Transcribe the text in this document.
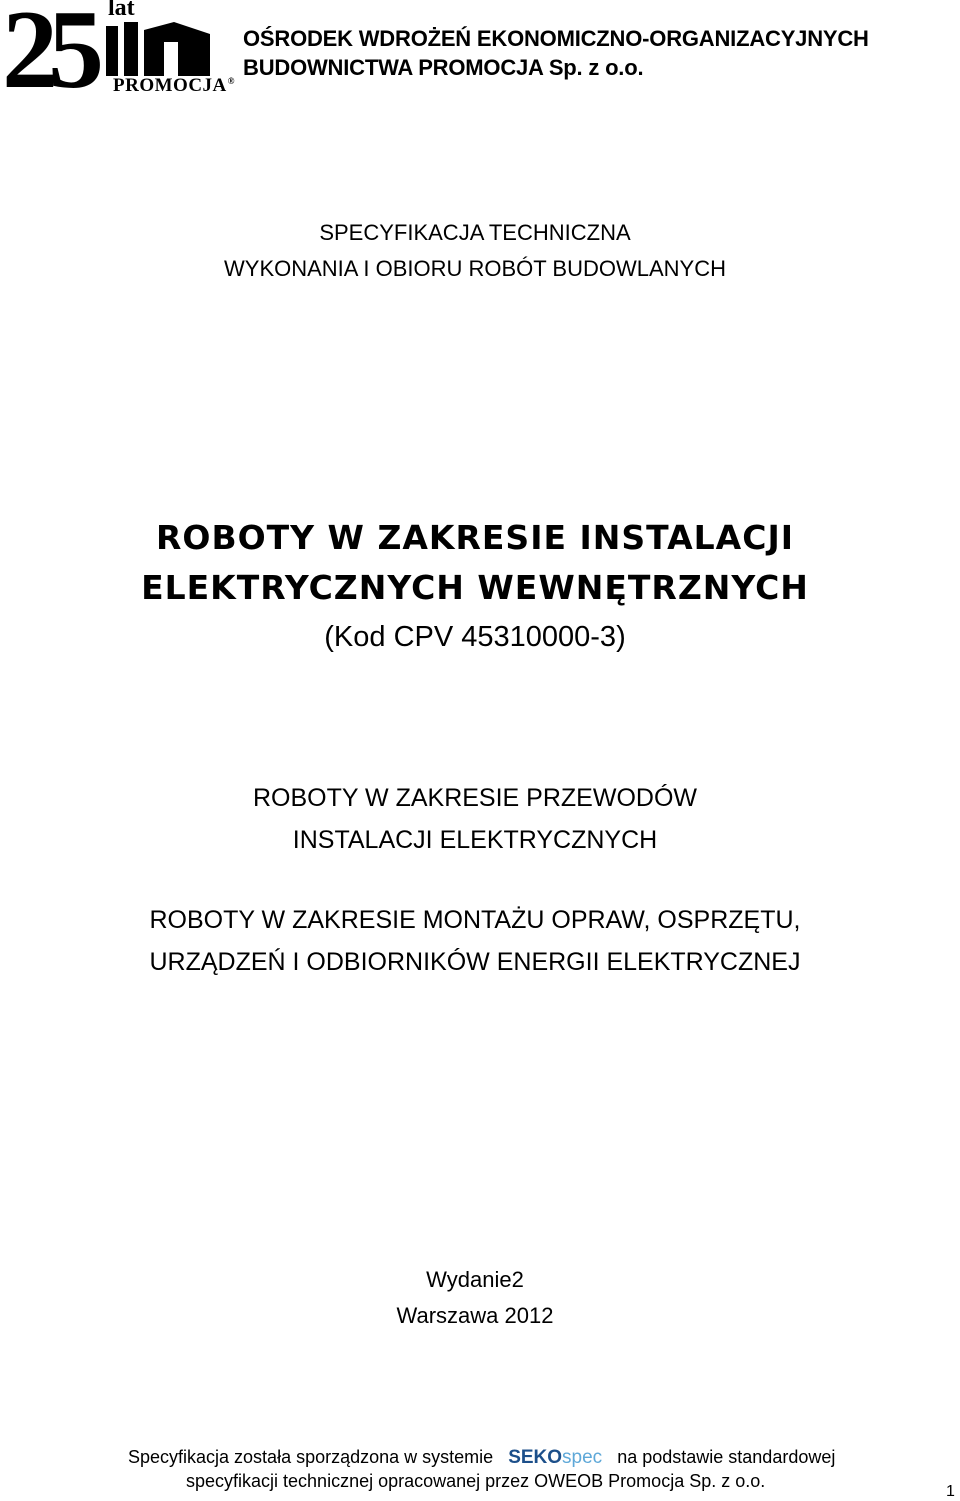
25 lat
PROMOCJA®
OŚRODEK WDROŻEŃ EKONOMICZNO-ORGANIZACYJNYCH
BUDOWNICTWA PROMOCJA Sp. z o.o.
SPECYFIKACJA TECHNICZNA
WYKONANIA I OBIORU ROBÓT BUDOWLANYCH
ROBOTY W ZAKRESIE INSTALACJI
ELEKTRYCZNYCH WEWNĘTRZNYCH
(Kod CPV 45310000-3)
ROBOTY W ZAKRESIE PRZEWODÓW
INSTALACJI ELEKTRYCZNYCH
ROBOTY W ZAKRESIE MONTAŻU OPRAW, OSPRZĘTU,
URZĄDZEŃ I ODBIORNIKÓW ENERGII ELEKTRYCZNEJ
Wydanie2
Warszawa 2012
Specyfikacja została sporządzona w systemie SEKOspec na podstawie standardowej
specyfikacji technicznej opracowanej przez OWEOB Promocja Sp. z o.o.
1
